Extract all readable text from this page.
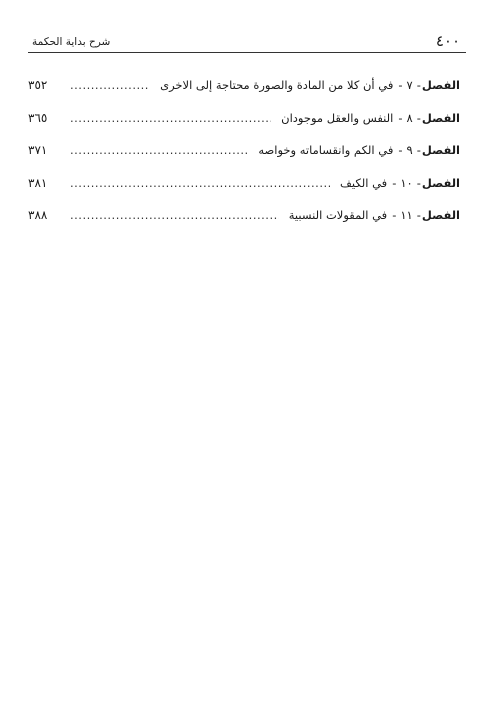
٤٠٠
شرح بداية الحكمة
الفصل
-
٧
-
في أن كلا من المادة والصورة محتاجة إلى الاخرى
.....
٣٥٢
الفصل
-
٨
-
النفس والعقل موجودان
.....
٣٦٥
الفصل
-
٩
-
في الكم وانقساماته وخواصه
.....
٣٧١
الفصل
-
١٠
-
في الكيف
.....
٣٨١
الفصل
-
١١
-
في المقولات النسبية
.....
٣٨٨
